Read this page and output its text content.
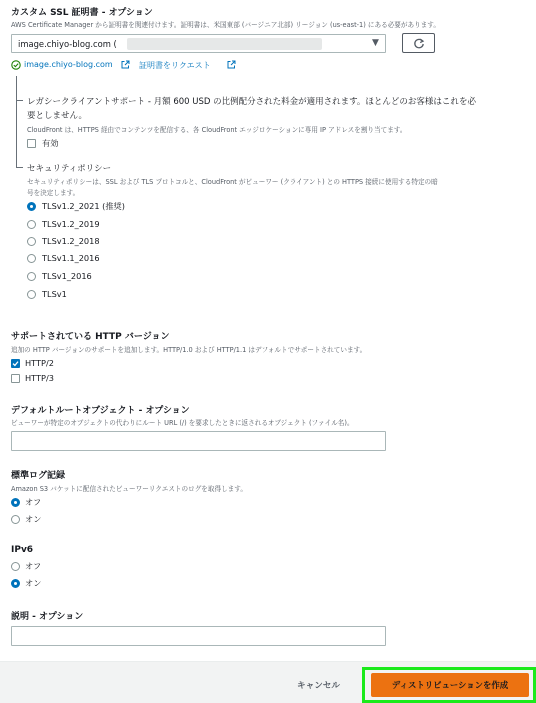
カスタム SSL 証明書 - オプション
AWS Certificate Manager から証明書を関連付けます。証明書は、米国東部 (バージニア北部) リージョン (us-east-1) にある必要があります。
image.chiyo-blog.com (	▼
image.chiyo-blog.com	証明書をリクエスト
レガシークライアントサポート - 月額 600 USD の比例配分された料金が適用されます。ほとんどのお客様はこれを必
要としません。
CloudFront は、HTTPS 経由でコンテンツを配信する、各 CloudFront エッジロケーションに専用 IP アドレスを割り当てます。
有効
セキュリティポリシー
セキュリティポリシーは、SSL および TLS プロトコルと、CloudFront がビューワー (クライアント) との HTTPS 接続に使用する特定の暗
号を決定します。
TLSv1.2_2021 (推奨)
TLSv1.2_2019
TLSv1.2_2018
TLSv1.1_2016
TLSv1_2016
TLSv1
サポートされている HTTP バージョン
追加の HTTP バージョンのサポートを追加します。HTTP/1.0 および HTTP/1.1 はデフォルトでサポートされています。
HTTP/2
HTTP/3
デフォルトルートオブジェクト - オプション
ビューワーが特定のオブジェクトの代わりにルート URL (/) を要求したときに返されるオブジェクト (ファイル名)。
標準ログ記録
Amazon S3 バケットに配信されたビューワーリクエストのログを取得します。
オフ
オン
IPv6
オフ
オン
説明 - オプション
キャンセル	ディストリビューションを作成
